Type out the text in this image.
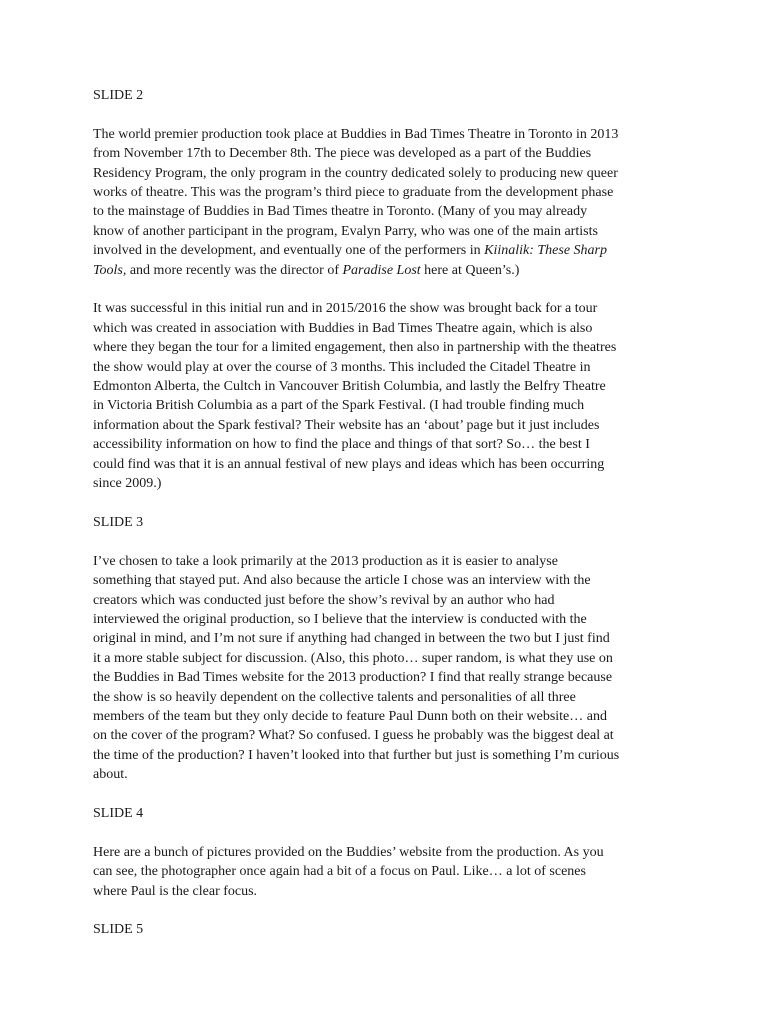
SLIDE 2
The world premier production took place at Buddies in Bad Times Theatre in Toronto in 2013
from November 17th to December 8th. The piece was developed as a part of the Buddies
Residency Program, the only program in the country dedicated solely to producing new queer
works of theatre. This was the program’s third piece to graduate from the development phase
to the mainstage of Buddies in Bad Times theatre in Toronto. (Many of you may already
know of another participant in the program, Evalyn Parry, who was one of the main artists
involved in the development, and eventually one of the performers in Kiinalik: These Sharp
Tools, and more recently was the director of Paradise Lost here at Queen’s.)
It was successful in this initial run and in 2015/2016 the show was brought back for a tour
which was created in association with Buddies in Bad Times Theatre again, which is also
where they began the tour for a limited engagement, then also in partnership with the theatres
the show would play at over the course of 3 months. This included the Citadel Theatre in
Edmonton Alberta, the Cultch in Vancouver British Columbia, and lastly the Belfry Theatre
in Victoria British Columbia as a part of the Spark Festival. (I had trouble finding much
information about the Spark festival? Their website has an ‘about’ page but it just includes
accessibility information on how to find the place and things of that sort? So… the best I
could find was that it is an annual festival of new plays and ideas which has been occurring
since 2009.)
SLIDE 3
I’ve chosen to take a look primarily at the 2013 production as it is easier to analyse
something that stayed put. And also because the article I chose was an interview with the
creators which was conducted just before the show’s revival by an author who had
interviewed the original production, so I believe that the interview is conducted with the
original in mind, and I’m not sure if anything had changed in between the two but I just find
it a more stable subject for discussion. (Also, this photo… super random, is what they use on
the Buddies in Bad Times website for the 2013 production? I find that really strange because
the show is so heavily dependent on the collective talents and personalities of all three
members of the team but they only decide to feature Paul Dunn both on their website… and
on the cover of the program? What? So confused. I guess he probably was the biggest deal at
the time of the production? I haven’t looked into that further but just is something I’m curious
about.
SLIDE 4
Here are a bunch of pictures provided on the Buddies’ website from the production. As you
can see, the photographer once again had a bit of a focus on Paul. Like… a lot of scenes
where Paul is the clear focus.
SLIDE 5
